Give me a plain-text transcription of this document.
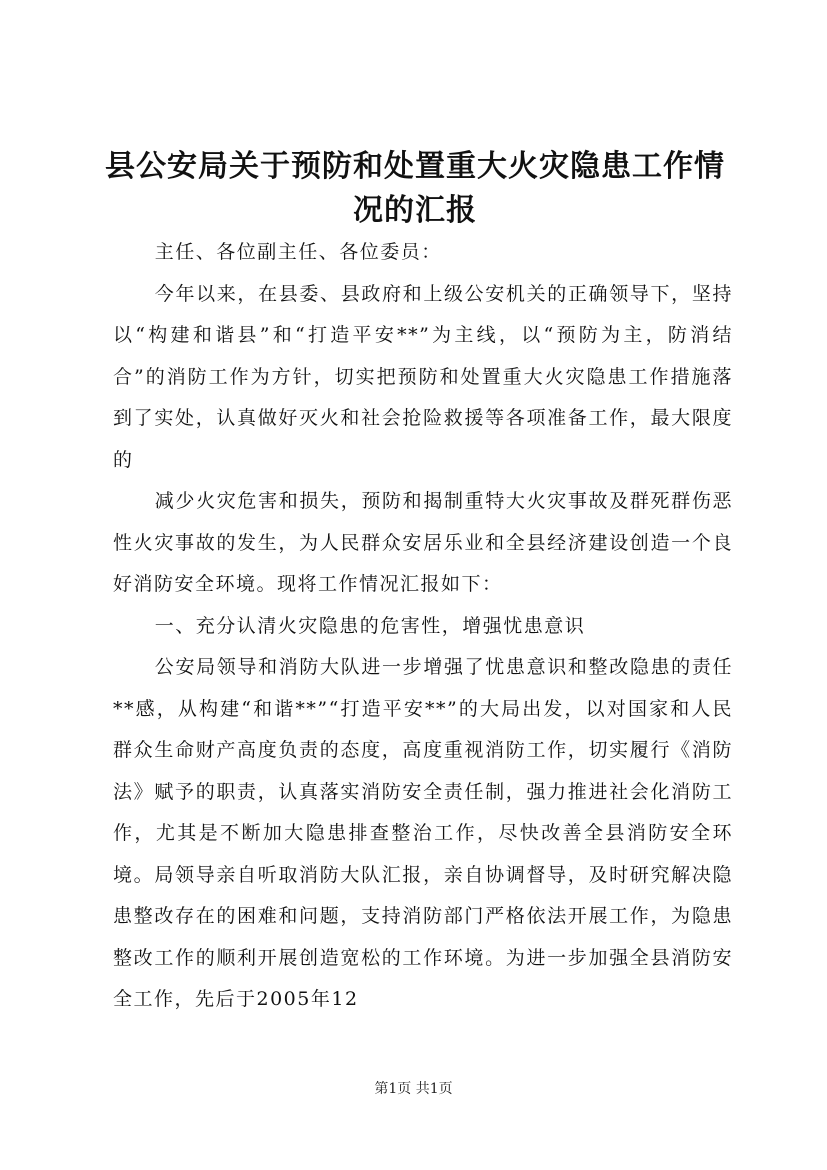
县公安局关于预防和处置重大火灾隐患工作情况的汇报

主任、各位副主任、各位委员：

今年以来，在县委、县政府和上级公安机关的正确领导下，坚持以“构建和谐县”和“打造平安**”为主线，以“预防为主，防消结合”的消防工作为方针，切实把预防和处置重大火灾隐患工作措施落到了实处，认真做好灭火和社会抢险救援等各项准备工作，最大限度的

减少火灾危害和损失，预防和揭制重特大火灾事故及群死群伤恶性火灾事故的发生，为人民群众安居乐业和全县经济建设创造一个良好消防安全环境。现将工作情况汇报如下：

一、充分认清火灾隐患的危害性，增强忧患意识

公安局领导和消防大队进一步增强了忧患意识和整改隐患的责任**感，从构建“和谐**”“打造平安**”的大局出发，以对国家和人民群众生命财产高度负责的态度，高度重视消防工作，切实履行《消防法》赋予的职责，认真落实消防安全责任制，强力推进社会化消防工作，尤其是不断加大隐患排查整治工作，尽快改善全县消防安全环境。局领导亲自听取消防大队汇报，亲自协调督导，及时研究解决隐患整改存在的困难和问题，支持消防部门严格依法开展工作，为隐患整改工作的顺利开展创造宽松的工作环境。为进一步加强全县消防安全工作，先后于2005年12

第1页 共1页
